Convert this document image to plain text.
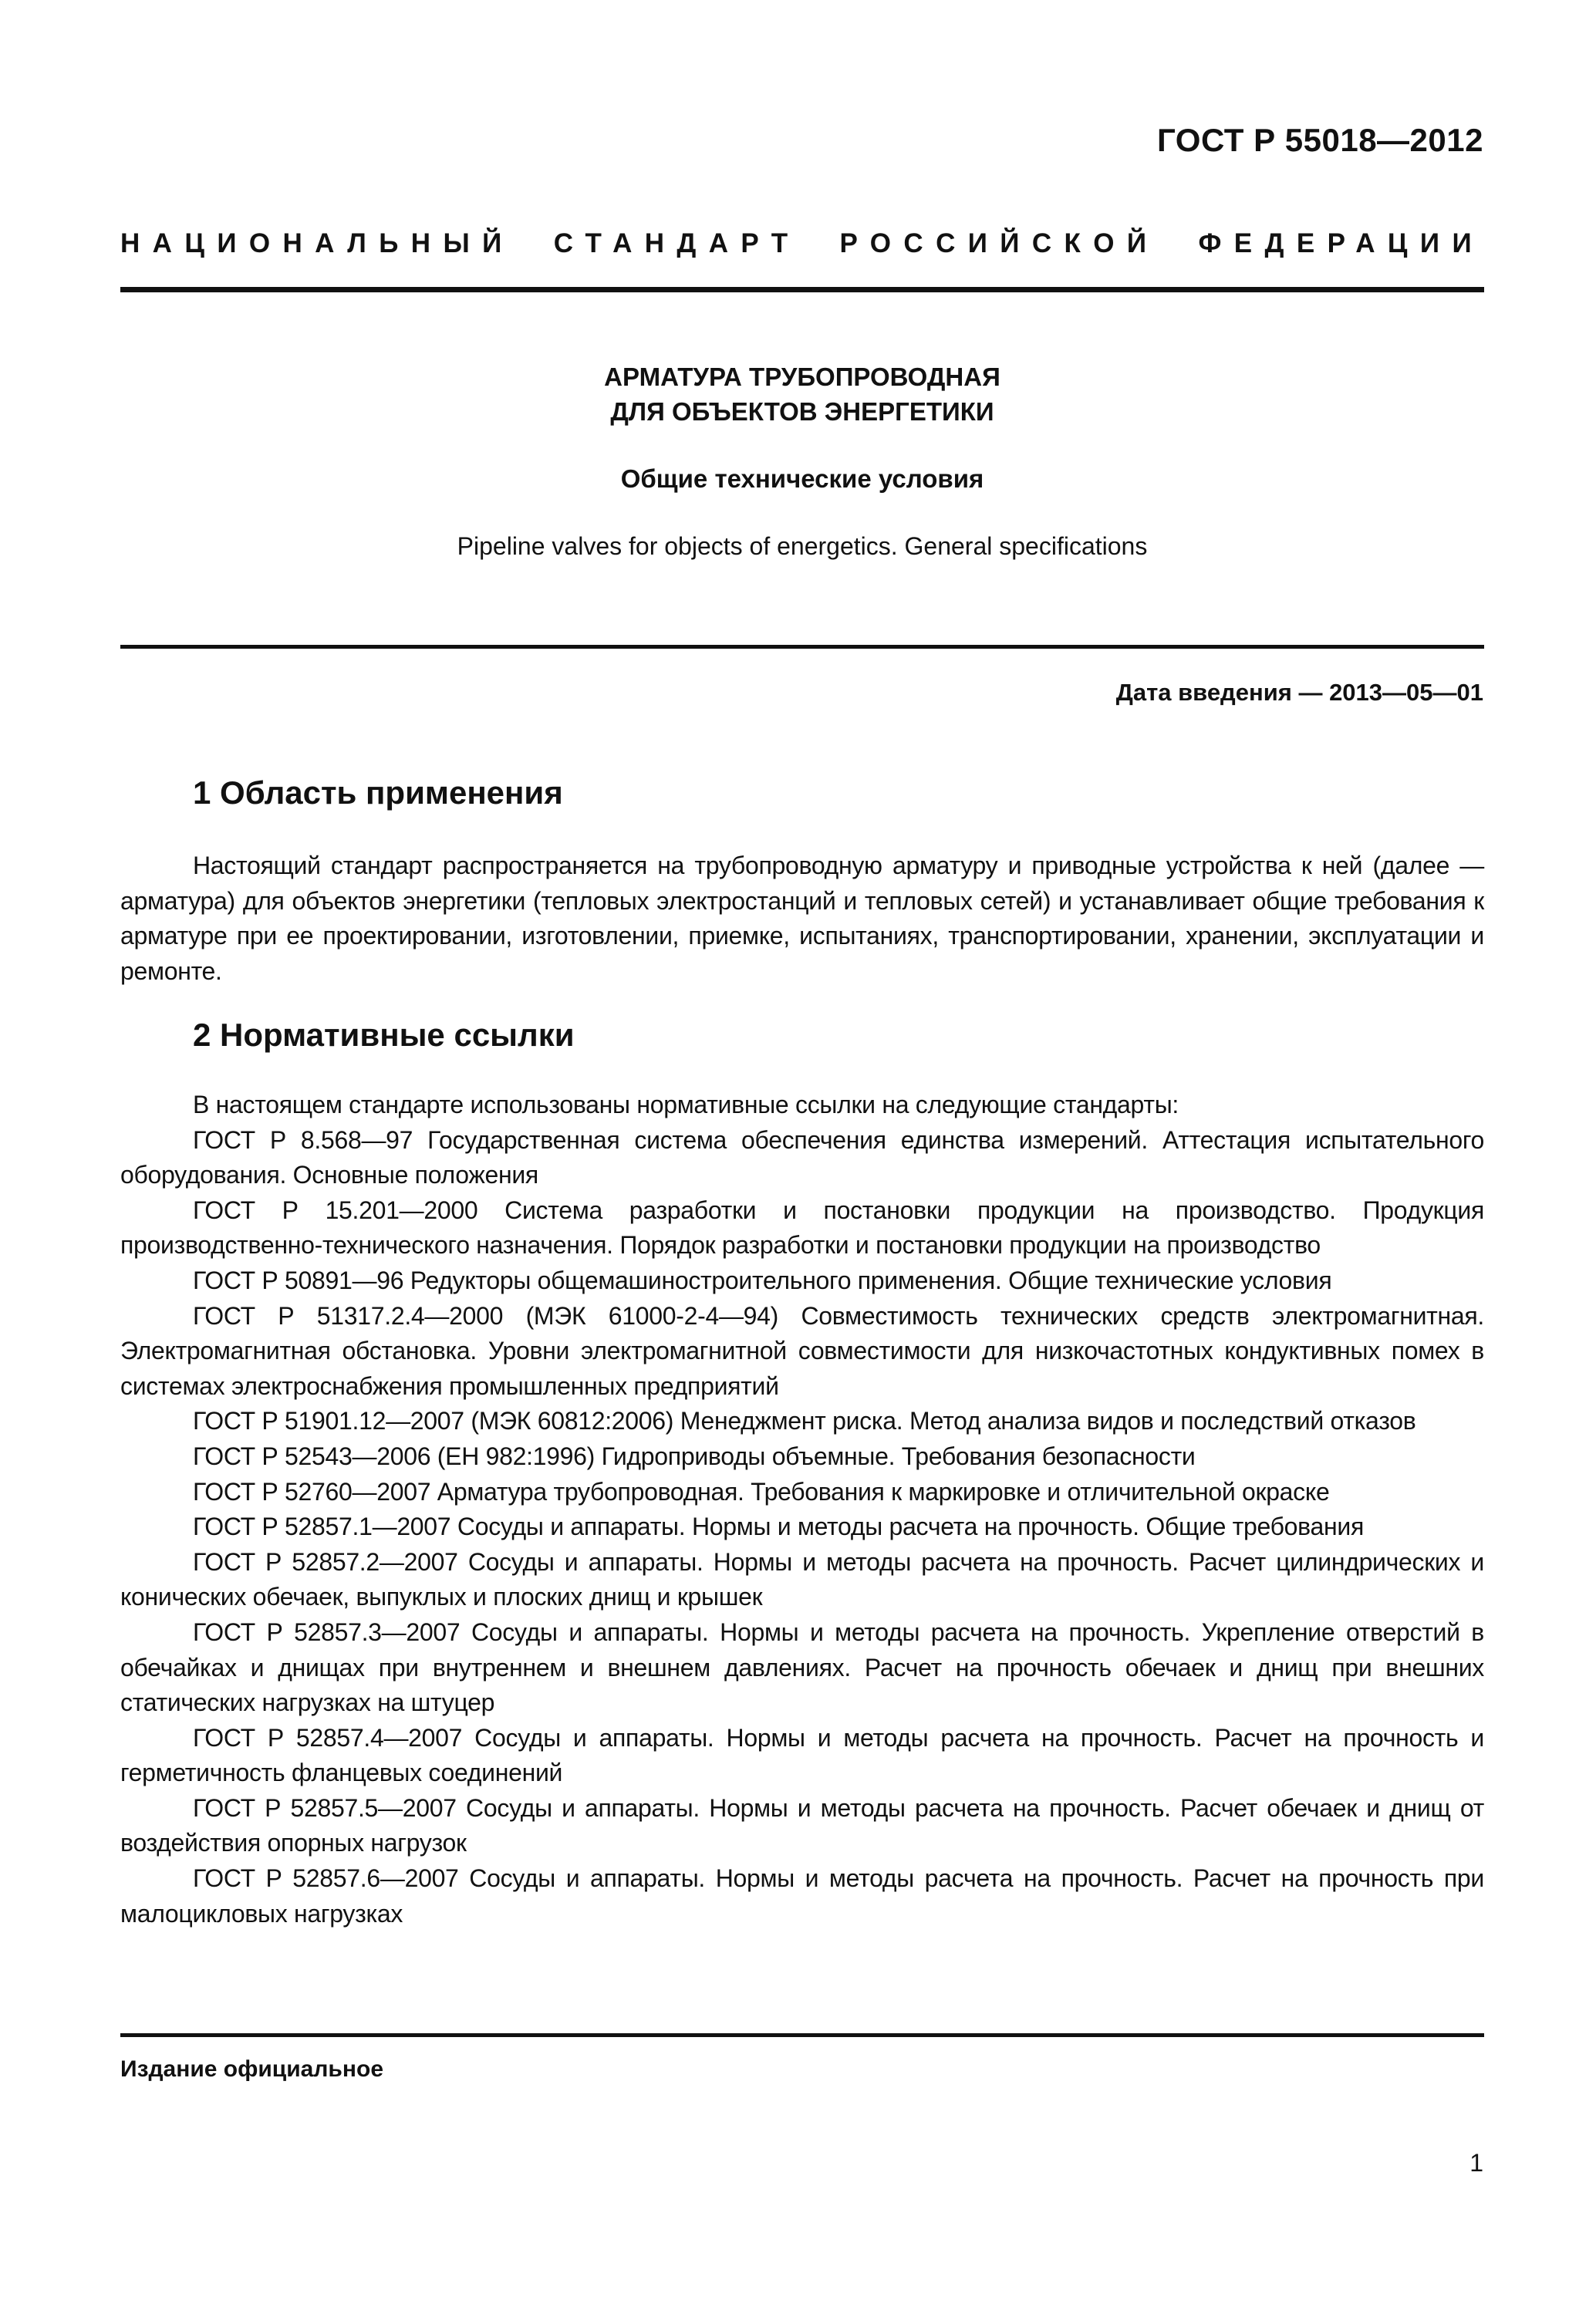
ГОСТ Р 55018—2012
НАЦИОНАЛЬНЫЙ СТАНДАРТ РОССИЙСКОЙ ФЕДЕРАЦИИ
АРМАТУРА ТРУБОПРОВОДНАЯ
ДЛЯ ОБЪЕКТОВ ЭНЕРГЕТИКИ
Общие технические условия
Pipeline valves for objects of energetics. General specifications
Дата введения — 2013—05—01
1 Область применения

Настоящий стандарт распространяется на трубопроводную арматуру и приводные устройства к ней (далее — арматура) для объектов энергетики (тепловых электростанций и тепловых сетей) и устанавливает общие требования к арматуре при ее проектировании, изготовлении, приемке, испытаниях, транспортировании, хранении, эксплуатации и ремонте.

2 Нормативные ссылки

В настоящем стандарте использованы нормативные ссылки на следующие стандарты:

ГОСТ Р 8.568—97 Государственная система обеспечения единства измерений. Аттестация испытательного оборудования. Основные положения

ГОСТ Р 15.201—2000 Система разработки и постановки продукции на производство. Продукция производственно-технического назначения. Порядок разработки и постановки продукции на производство

ГОСТ Р 50891—96 Редукторы общемашиностроительного применения. Общие технические условия

ГОСТ Р 51317.2.4—2000 (МЭК 61000-2-4—94) Совместимость технических средств электромагнитная. Электромагнитная обстановка. Уровни электромагнитной совместимости для низкочастотных кондуктивных помех в системах электроснабжения промышленных предприятий

ГОСТ Р 51901.12—2007 (МЭК 60812:2006) Менеджмент риска. Метод анализа видов и последствий отказов

ГОСТ Р 52543—2006 (ЕН 982:1996) Гидроприводы объемные. Требования безопасности

ГОСТ Р 52760—2007 Арматура трубопроводная. Требования к маркировке и отличительной окраске

ГОСТ Р 52857.1—2007 Сосуды и аппараты. Нормы и методы расчета на прочность. Общие требования

ГОСТ Р 52857.2—2007 Сосуды и аппараты. Нормы и методы расчета на прочность. Расчет цилиндрических и конических обечаек, выпуклых и плоских днищ и крышек

ГОСТ Р 52857.3—2007 Сосуды и аппараты. Нормы и методы расчета на прочность. Укрепление отверстий в обечайках и днищах при внутреннем и внешнем давлениях. Расчет на прочность обечаек и днищ при внешних статических нагрузках на штуцер

ГОСТ Р 52857.4—2007 Сосуды и аппараты. Нормы и методы расчета на прочность. Расчет на прочность и герметичность фланцевых соединений

ГОСТ Р 52857.5—2007 Сосуды и аппараты. Нормы и методы расчета на прочность. Расчет обечаек и днищ от воздействия опорных нагрузок

ГОСТ Р 52857.6—2007 Сосуды и аппараты. Нормы и методы расчета на прочность. Расчет на прочность при малоцикловых нагрузках

Издание официальное
1
